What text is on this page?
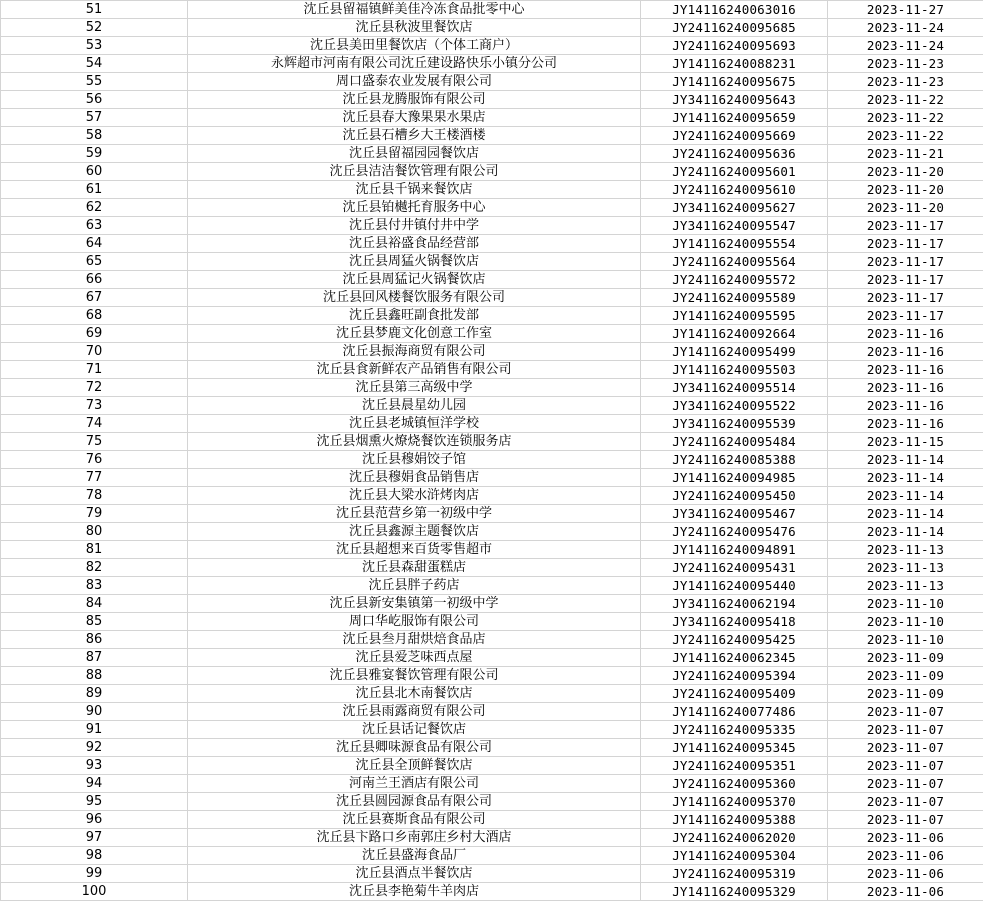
51	沈丘县留福镇鲜美佳冷冻食品批零中心	JY14116240063016	2023-11-27
52	沈丘县秋波里餐饮店	JY24116240095685	2023-11-24
53	沈丘县美田里餐饮店（个体工商户）	JY24116240095693	2023-11-24
54	永辉超市河南有限公司沈丘建设路快乐小镇分公司	JY14116240088231	2023-11-23
55	周口盛泰农业发展有限公司	JY14116240095675	2023-11-23
56	沈丘县龙腾服饰有限公司	JY34116240095643	2023-11-22
57	沈丘县春大豫果果水果店	JY14116240095659	2023-11-22
58	沈丘县石槽乡大王楼酒楼	JY24116240095669	2023-11-22
59	沈丘县留福园园餐饮店	JY24116240095636	2023-11-21
60	沈丘县洁洁餐饮管理有限公司	JY24116240095601	2023-11-20
61	沈丘县千锅来餐饮店	JY24116240095610	2023-11-20
62	沈丘县铂樾托育服务中心	JY34116240095627	2023-11-20
63	沈丘县付井镇付井中学	JY34116240095547	2023-11-17
64	沈丘县裕盛食品经营部	JY14116240095554	2023-11-17
65	沈丘县周猛火锅餐饮店	JY24116240095564	2023-11-17
66	沈丘县周猛记火锅餐饮店	JY24116240095572	2023-11-17
67	沈丘县回风楼餐饮服务有限公司	JY24116240095589	2023-11-17
68	沈丘县鑫旺副食批发部	JY14116240095595	2023-11-17
69	沈丘县梦鹿文化创意工作室	JY14116240092664	2023-11-16
70	沈丘县振海商贸有限公司	JY14116240095499	2023-11-16
71	沈丘县食新鲜农产品销售有限公司	JY14116240095503	2023-11-16
72	沈丘县第三高级中学	JY34116240095514	2023-11-16
73	沈丘县晨星幼儿园	JY34116240095522	2023-11-16
74	沈丘县老城镇恒洋学校	JY34116240095539	2023-11-16
75	沈丘县烟熏火燎烧餐饮连锁服务店	JY24116240095484	2023-11-15
76	沈丘县穆娟饺子馆	JY24116240085388	2023-11-14
77	沈丘县穆娟食品销售店	JY14116240094985	2023-11-14
78	沈丘县大梁水浒烤肉店	JY24116240095450	2023-11-14
79	沈丘县范营乡第一初级中学	JY34116240095467	2023-11-14
80	沈丘县鑫源主题餐饮店	JY24116240095476	2023-11-14
81	沈丘县超想来百货零售超市	JY14116240094891	2023-11-13
82	沈丘县森甜蛋糕店	JY24116240095431	2023-11-13
83	沈丘县胖子药店	JY14116240095440	2023-11-13
84	沈丘县新安集镇第一初级中学	JY34116240062194	2023-11-10
85	周口华屹服饰有限公司	JY34116240095418	2023-11-10
86	沈丘县叁月甜烘焙食品店	JY24116240095425	2023-11-10
87	沈丘县爱芝味西点屋	JY14116240062345	2023-11-09
88	沈丘县雅宴餐饮管理有限公司	JY24116240095394	2023-11-09
89	沈丘县北木南餐饮店	JY24116240095409	2023-11-09
90	沈丘县雨露商贸有限公司	JY14116240077486	2023-11-07
91	沈丘县话记餐饮店	JY24116240095335	2023-11-07
92	沈丘县卿味源食品有限公司	JY14116240095345	2023-11-07
93	沈丘县全顶鲜餐饮店	JY24116240095351	2023-11-07
94	河南兰王酒店有限公司	JY24116240095360	2023-11-07
95	沈丘县圆园源食品有限公司	JY14116240095370	2023-11-07
96	沈丘县赛斯食品有限公司	JY14116240095388	2023-11-07
97	沈丘县卞路口乡南郭庄乡村大酒店	JY24116240062020	2023-11-06
98	沈丘县盛海食品厂	JY14116240095304	2023-11-06
99	沈丘县酒点半餐饮店	JY24116240095319	2023-11-06
100	沈丘县李艳菊牛羊肉店	JY14116240095329	2023-11-06
